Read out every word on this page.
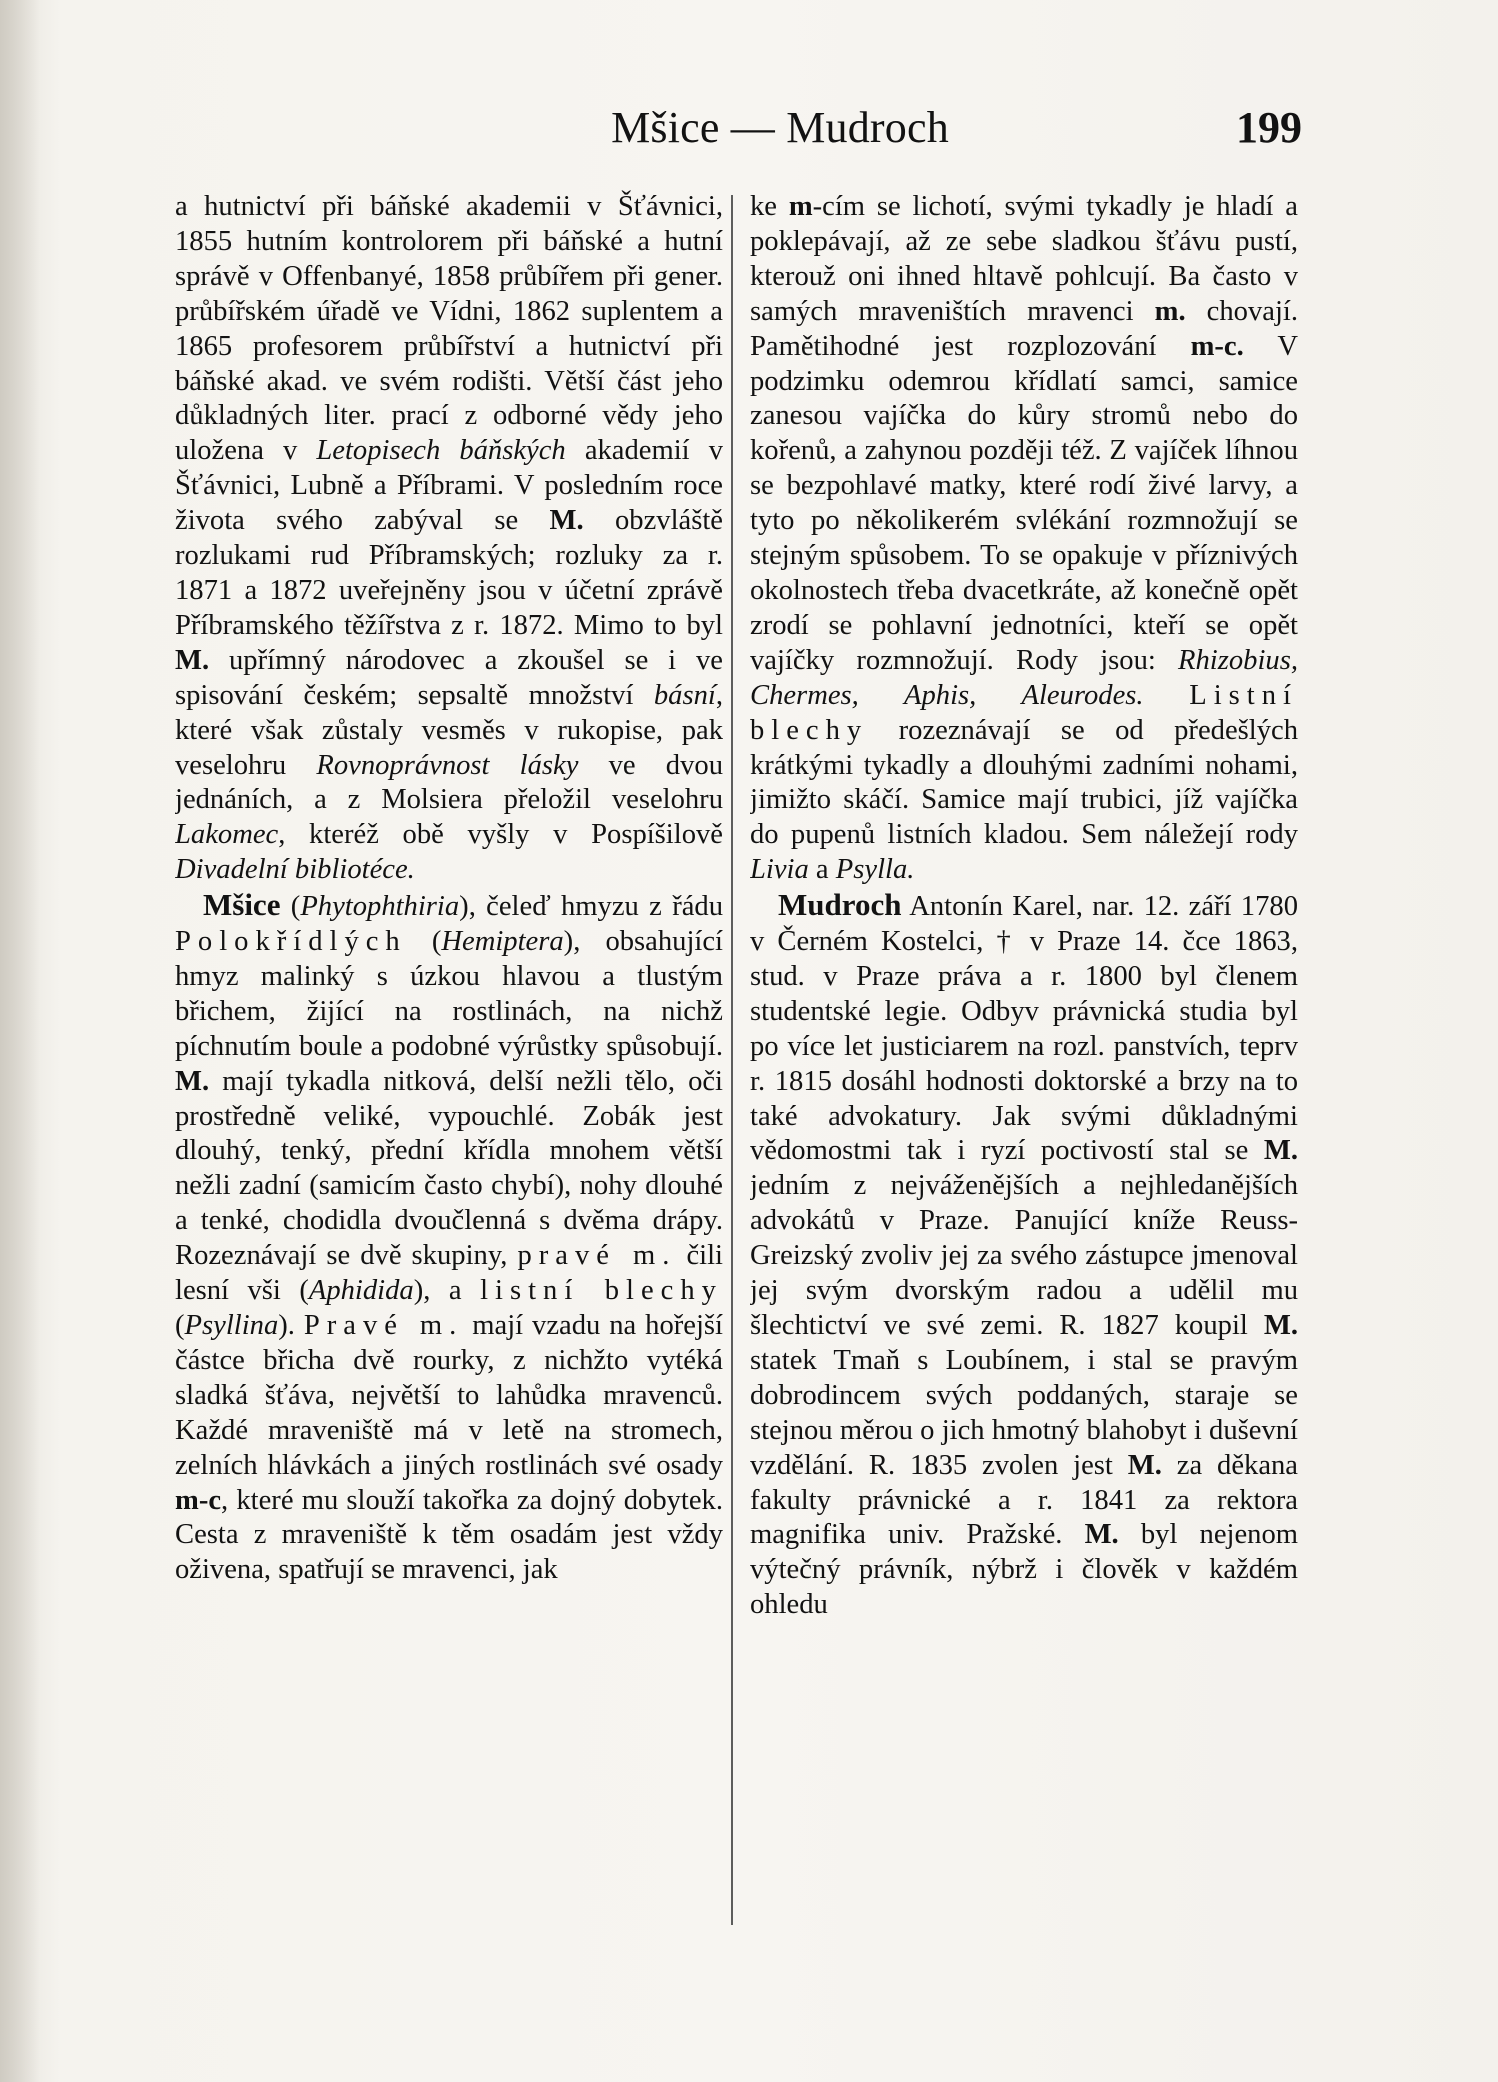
Mšice — Mudroch	199

a hutnictví při báňské akademii v Šťávnici, 1855 hutním kontrolorem při báňské a hutní správě v Offenbanyé, 1858 průbířem při gener. průbířském úřadě ve Vídni, 1862 suplentem a 1865 profesorem průbířství a hutnictví při báňské akad. ve svém rodišti. Větší část jeho důkladných liter. prací z odborné vědy jeho uložena v Letopisech báňských akademií v Šťávnici, Lubně a Příbrami. V posledním roce života svého zabýval se M. obzvláště rozlukami rud Příbramských; rozluky za r. 1871 a 1872 uveřejněny jsou v účetní zprávě Příbramského těžířstva z r. 1872. Mimo to byl M. upřímný národovec a zkoušel se i ve spisování českém; sepsaltě množství básní, které však zůstaly vesměs v rukopise, pak veselohru Rovnoprávnost lásky ve dvou jednáních, a z Molsiera přeložil veselohru Lakomec, kteréž obě vyšly v Pospíšilově Divadelní bibliotéce.

Mšice (Phytophthiria), čeleď hmyzu z řádu Polokřídlých (Hemiptera), obsahující hmyz malinký s úzkou hlavou a tlustým břichem, žijící na rostlinách, na nichž píchnutím boule a podobné výrůstky spůsobují. M. mají tykadla nitková, delší nežli tělo, oči prostředně veliké, vypouchlé. Zobák jest dlouhý, tenký, přední křídla mnohem větší nežli zadní (samicím často chybí), nohy dlouhé a tenké, chodidla dvoučlenná s dvěma drápy. Rozeznávají se dvě skupiny, pravé m. čili lesní vši (Aphidida), a listní blechy (Psyllina). Pravé m. mají vzadu na hořejší částce břicha dvě rourky, z nichžto vytéká sladká šťáva, největší to lahůdka mravenců. Každé mraveniště má v letě na stromech, zelních hlávkách a jiných rostlinách své osady m-c, které mu slouží takořka za dojný dobytek. Cesta z mraveniště k těm osadám jest vždy oživena, spatřují se mravenci, jak

ke m-cím se lichotí, svými tykadly je hladí a poklepávají, až ze sebe sladkou šťávu pustí, kterouž oni ihned hltavě pohlcují. Ba často v samých mraveništích mravenci m. chovají. Pamětihodné jest rozplozování m-c. V podzimku odemrou křídlatí samci, samice zanesou vajíčka do kůry stromů nebo do kořenů, a zahynou později též. Z vajíček líhnou se bezpohlavé matky, které rodí živé larvy, a tyto po několikerém svlékání rozmnožují se stejným spůsobem. To se opakuje v příznivých okolnostech třeba dvacetkráte, až konečně opět zrodí se pohlavní jednotníci, kteří se opět vajíčky rozmnožují. Rody jsou: Rhizobius, Chermes, Aphis, Aleurodes. Listní blechy rozeznávají se od předešlých krátkými tykadly a dlouhými zadními nohami, jimižto skáčí. Samice mají trubici, jíž vajíčka do pupenů listních kladou. Sem náležejí rody Livia a Psylla.

Mudroch Antonín Karel, nar. 12. září 1780 v Černém Kostelci, † v Praze 14. čce 1863, stud. v Praze práva a r. 1800 byl členem studentské legie. Odbyv právnická studia byl po více let justiciarem na rozl. panstvích, teprv r. 1815 dosáhl hodnosti doktorské a brzy na to také advokatury. Jak svými důkladnými vědomostmi tak i ryzí poctivostí stal se M. jedním z nejváženějších a nejhledanějších advokátů v Praze. Panující kníže Reuss-Greizský zvoliv jej za svého zástupce jmenoval jej svým dvorským radou a udělil mu šlechtictví ve své zemi. R. 1827 koupil M. statek Tmaň s Loubínem, i stal se pravým dobrodincem svých poddaných, staraje se stejnou měrou o jich hmotný blahobyt i duševní vzdělání. R. 1835 zvolen jest M. za děkana fakulty právnické a r. 1841 za rektora magnifika univ. Pražské. M. byl nejenom výtečný právník, nýbrž i člověk v každém ohledu
